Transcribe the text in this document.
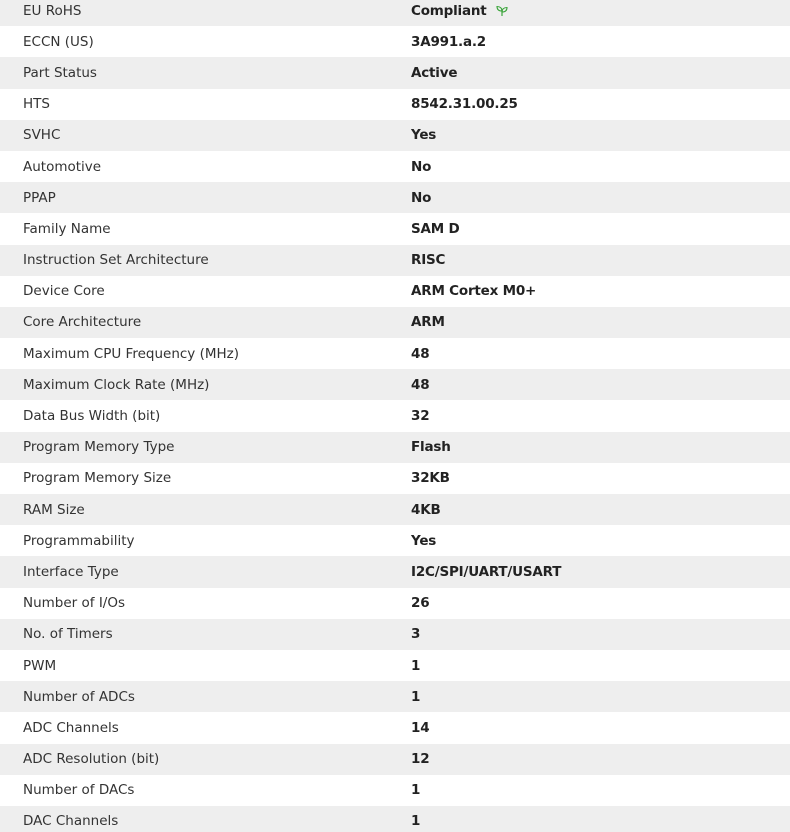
EU RoHS	Compliant
ECCN (US)	3A991.a.2
Part Status	Active
HTS	8542.31.00.25
SVHC	Yes
Automotive	No
PPAP	No
Family Name	SAM D
Instruction Set Architecture	RISC
Device Core	ARM Cortex M0+
Core Architecture	ARM
Maximum CPU Frequency (MHz)	48
Maximum Clock Rate (MHz)	48
Data Bus Width (bit)	32
Program Memory Type	Flash
Program Memory Size	32KB
RAM Size	4KB
Programmability	Yes
Interface Type	I2C/SPI/UART/USART
Number of I/Os	26
No. of Timers	3
PWM	1
Number of ADCs	1
ADC Channels	14
ADC Resolution (bit)	12
Number of DACs	1
DAC Channels	1
